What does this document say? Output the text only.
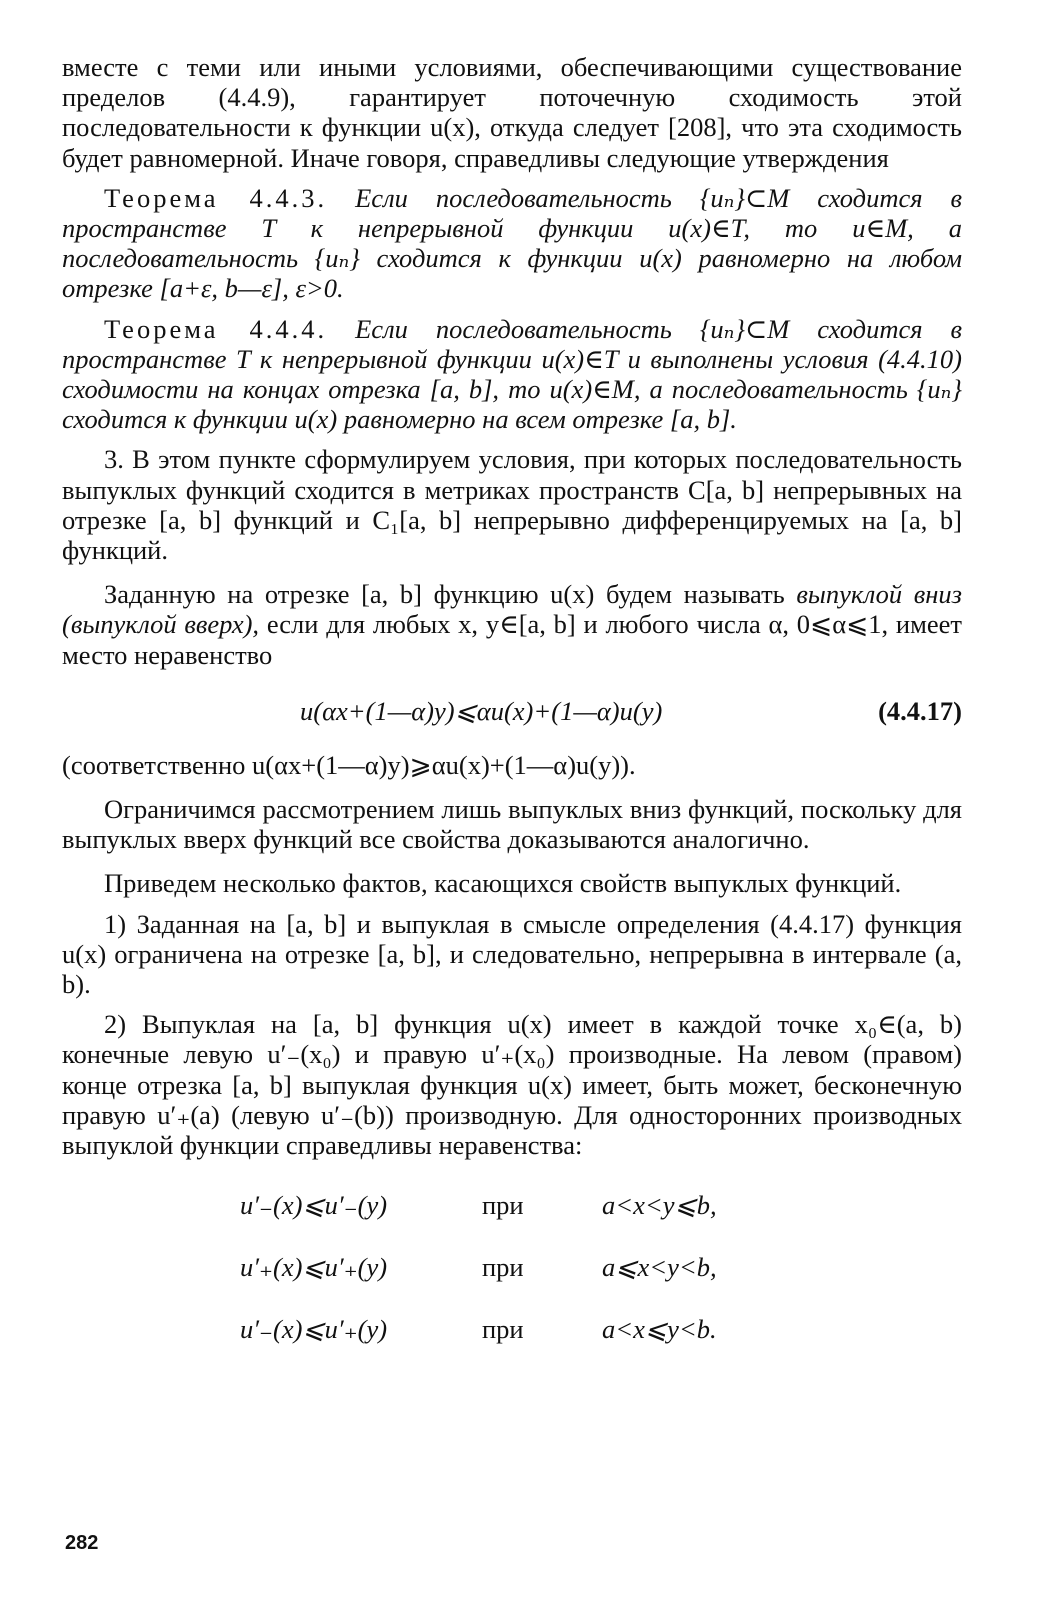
вместе с теми или иными условиями, обеспечивающими существование пределов (4.4.9), гарантирует поточечную сходимость этой последовательности к функции u(x), откуда следует [208], что эта сходимость будет равномерной. Иначе говоря, справедливы следующие утверждения

Теорема 4.4.3. Если последовательность {uₙ}⊂M сходится в пространстве T к непрерывной функции u(x)∈T, то u∈M, а последовательность {uₙ} сходится к функции u(x) равномерно на любом отрезке [a+ε, b—ε], ε>0.

Теорема 4.4.4. Если последовательность {uₙ}⊂M сходится в пространстве T к непрерывной функции u(x)∈T и выполнены условия (4.4.10) сходимости на концах отрезка [a, b], то u(x)∈M, а последовательность {uₙ} сходится к функции u(x) равномерно на всем отрезке [a, b].

3. В этом пункте сформулируем условия, при которых последовательность выпуклых функций сходится в метриках пространств C[a, b] непрерывных на отрезке [a, b] функций и C₁[a, b] непрерывно дифференцируемых на [a, b] функций.

Заданную на отрезке [a, b] функцию u(x) будем называть выпуклой вниз (выпуклой вверх), если для любых x, y∈[a, b] и любого числа α, 0⩽α⩽1, имеет место неравенство

u(αx+(1—α)y)⩽αu(x)+(1—α)u(y)	(4.4.17)

(соответственно u(αx+(1—α)y)⩾αu(x)+(1—α)u(y)).

Ограничимся рассмотрением лишь выпуклых вниз функций, поскольку для выпуклых вверх функций все свойства доказываются аналогично.

Приведем несколько фактов, касающихся свойств выпуклых функций.

1) Заданная на [a, b] и выпуклая в смысле определения (4.4.17) функция u(x) ограничена на отрезке [a, b], и следовательно, непрерывна в интервале (a, b).

2) Выпуклая на [a, b] функция u(x) имеет в каждой точке x₀∈(a, b) конечные левую u′₋(x₀) и правую u′₊(x₀) производные. На левом (правом) конце отрезка [a, b] выпуклая функция u(x) имеет, быть может, бесконечную правую u′₊(a) (левую u′₋(b)) производную. Для односторонних производных выпуклой функции справедливы неравенства:

u′₋(x)⩽u′₋(y)	при	a<x<y⩽b,
u′₊(x)⩽u′₊(y)	при	a⩽x<y<b,
u′₋(x)⩽u′₊(y)	при	a<x⩽y<b.
282
